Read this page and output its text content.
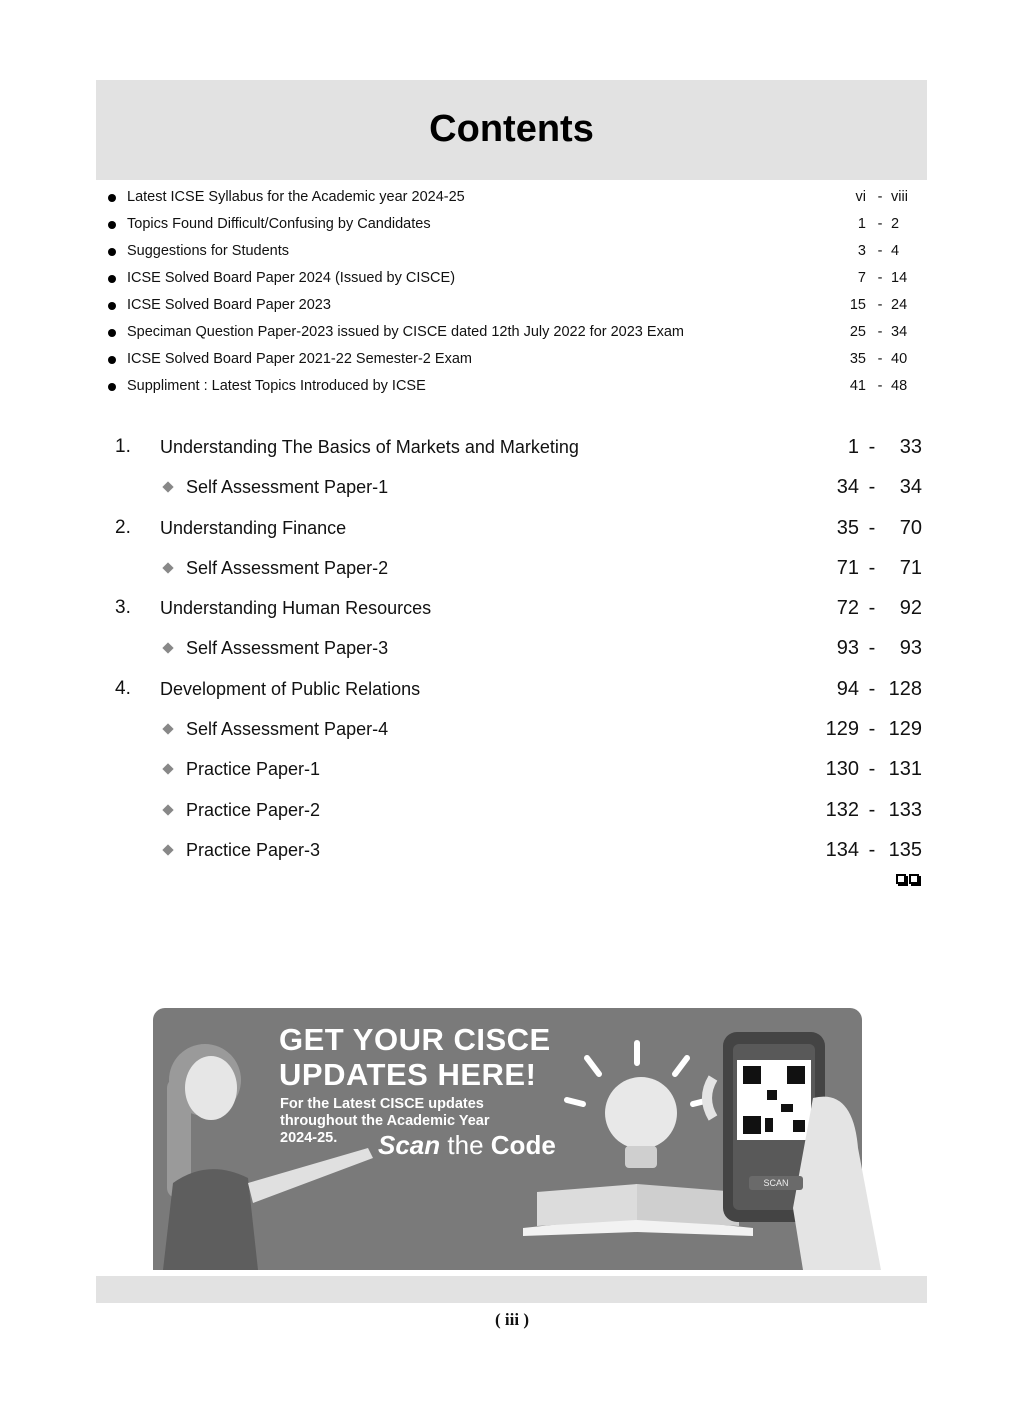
Contents
Latest ICSE Syllabus for the Academic year 2024-25	vi - viii
Topics Found Difficult/Confusing by Candidates	1 - 2
Suggestions for Students	3 - 4
ICSE Solved Board Paper 2024 (Issued by CISCE)	7 - 14
ICSE Solved Board Paper 2023	15 - 24
Speciman Question Paper-2023 issued by CISCE dated 12th July 2022 for 2023 Exam	25 - 34
ICSE Solved Board Paper 2021-22 Semester-2 Exam	35 - 40
Suppliment : Latest Topics Introduced by ICSE	41 - 48
1. Understanding The Basics of Markets and Marketing	1 -	33
Self Assessment Paper-1	34 -	34
2. Understanding Finance	35 -	70
Self Assessment Paper-2	71 -	71
3. Understanding Human Resources	72 -	92
Self Assessment Paper-3	93 -	93
4. Development of Public Relations	94 - 128
Self Assessment Paper-4	129 - 129
Practice Paper-1	130 - 131
Practice Paper-2	132 - 133
Practice Paper-3	134 - 135
GET YOUR CISCE
UPDATES HERE!
For the Latest CISCE updates
throughout the Academic Year
2024-25.	Scan the Code
SCAN
( iii )
